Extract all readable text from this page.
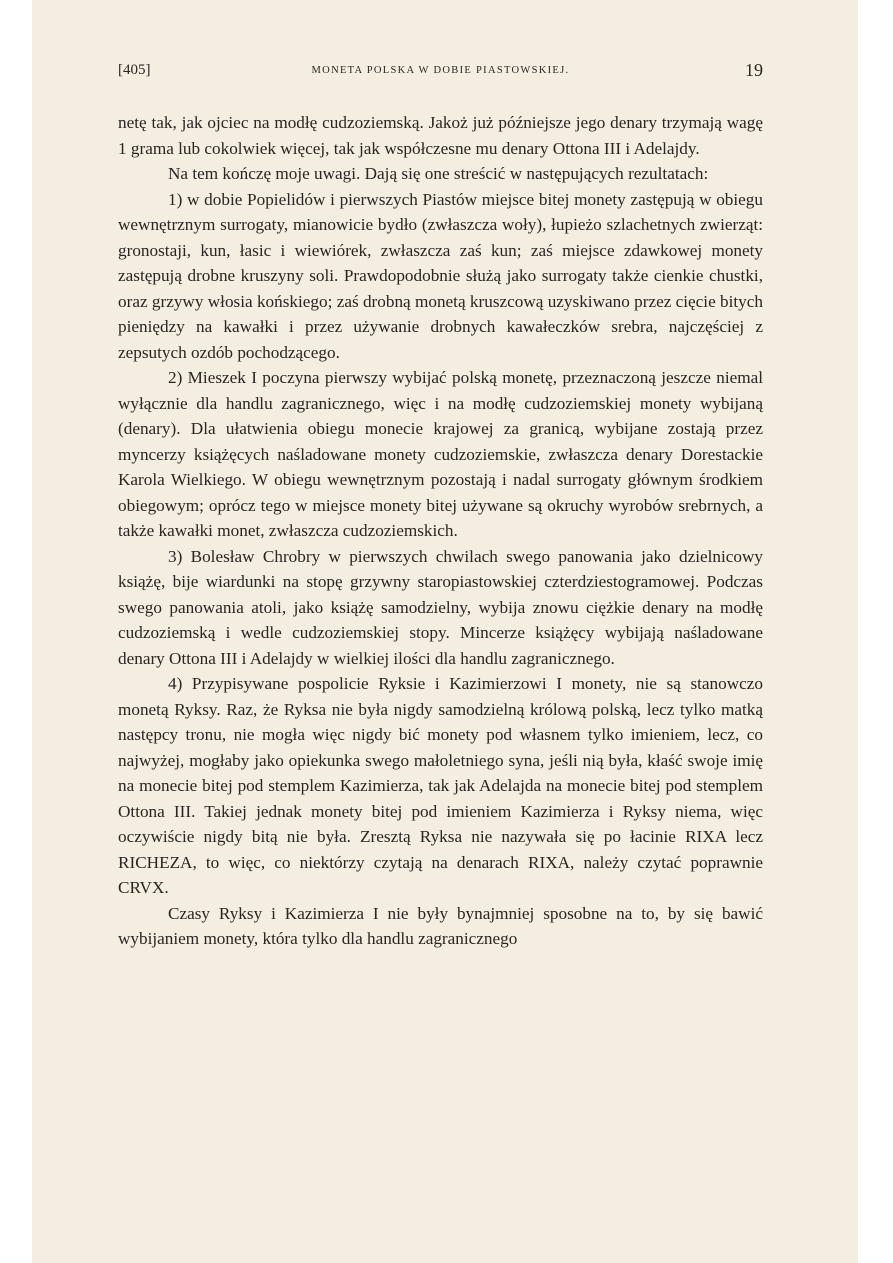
[405]	MONETA POLSKA W DOBIE PIASTOWSKIEJ.	19

netę tak, jak ojciec na modłę cudzoziemską. Jakoż już późniejsze jego denary trzymają wagę 1 grama lub cokolwiek więcej, tak jak współczesne mu denary Ottona III i Adelajdy.

Na tem kończę moje uwagi. Dają się one streścić w następujących rezultatach:

1) w dobie Popielidów i pierwszych Piastów miejsce bitej monety zastępują w obiegu wewnętrznym surrogaty, mianowicie bydło (zwłaszcza woły), łupieżo szlachetnych zwierząt: gronostaji, kun, łasic i wiewiórek, zwłaszcza zaś kun; zaś miejsce zdawkowej monety zastępują drobne kruszyny soli. Prawdopodobnie służą jako surrogaty także cienkie chustki, oraz grzywy włosia końskiego; zaś drobną monetą kruszcową uzyskiwano przez cięcie bitych pieniędzy na kawałki i przez używanie drobnych kawałeczków srebra, najczęściej z zepsutych ozdób pochodzącego.

2) Mieszek I poczyna pierwszy wybijać polską monetę, przeznaczoną jeszcze niemal wyłącznie dla handlu zagranicznego, więc i na modłę cudzoziemskiej monety wybijaną (denary). Dla ułatwienia obiegu monecie krajowej za granicą, wybijane zostają przez myncerzy książęcych naśladowane monety cudzoziemskie, zwłaszcza denary Dorestackie Karola Wielkiego. W obiegu wewnętrznym pozostają i nadal surrogaty głównym środkiem obiegowym; oprócz tego w miejsce monety bitej używane są okruchy wyrobów srebrnych, a także kawałki monet, zwłaszcza cudzoziemskich.

3) Bolesław Chrobry w pierwszych chwilach swego panowania jako dzielnicowy książę, bije wiardunki na stopę grzywny staropiastowskiej czterdziestogramowej. Podczas swego panowania atoli, jako książę samodzielny, wybija znowu ciężkie denary na modłę cudzoziemską i wedle cudzoziemskiej stopy. Mincerze książęcy wybijają naśladowane denary Ottona III i Adelajdy w wielkiej ilości dla handlu zagranicznego.

4) Przypisywane pospolicie Ryksie i Kazimierzowi I monety, nie są stanowczo monetą Ryksy. Raz, że Ryksa nie była nigdy samodzielną królową polską, lecz tylko matką następcy tronu, nie mogła więc nigdy bić monety pod własnem tylko imieniem, lecz, co najwyżej, mogłaby jako opiekunka swego małoletniego syna, jeśli nią była, kłaść swoje imię na monecie bitej pod stemplem Kazimierza, tak jak Adelajda na monecie bitej pod stemplem Ottona III. Takiej jednak monety bitej pod imieniem Kazimierza i Ryksy niema, więc oczywiście nigdy bitą nie była. Zresztą Ryksa nie nazywała się po łacinie RIXA lecz RICHEZA, to więc, co niektórzy czytają na denarach RIXA, należy czytać poprawnie CRVX.

Czasy Ryksy i Kazimierza I nie były bynajmniej sposobne na to, by się bawić wybijaniem monety, która tylko dla handlu zagranicznego
